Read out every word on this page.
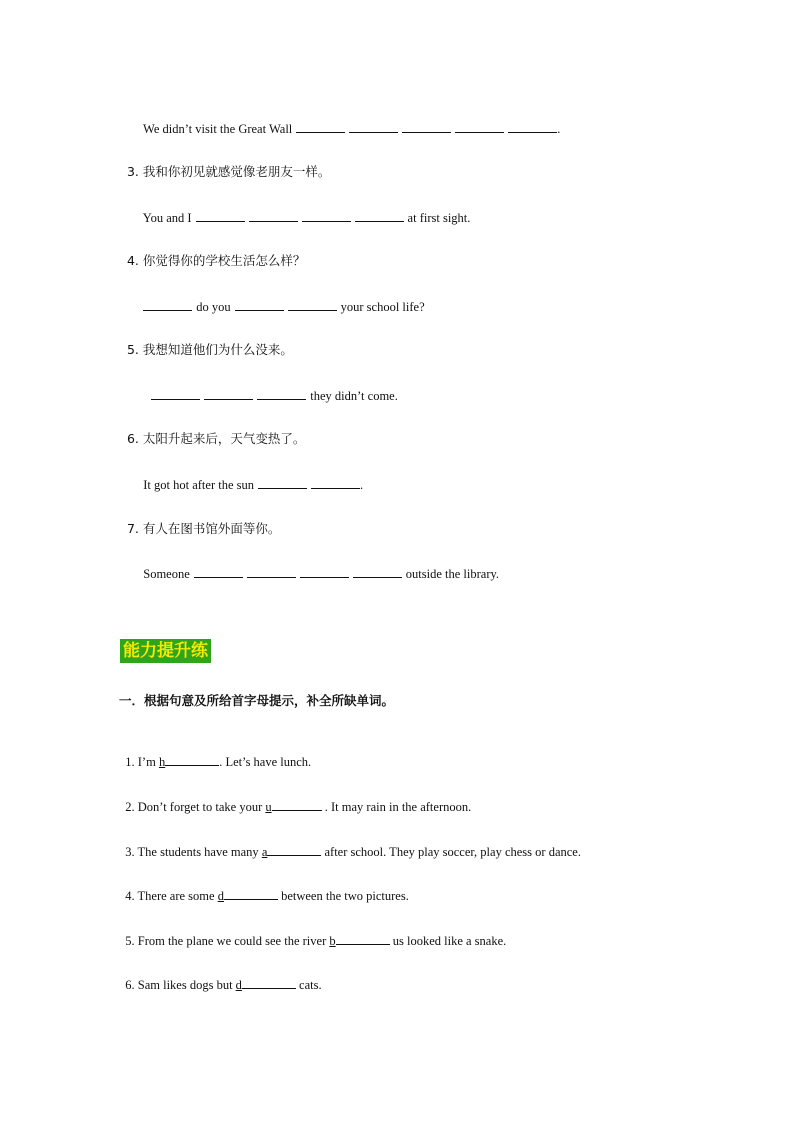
We didn’t visit the Great Wall	.

3. 我和你初见就感觉像老朋友一样。

You and I	at first sight.

4. 你觉得你的学校生活怎么样？

do you	your school life?

5. 我想知道他们为什么没来。

they didn’t come.

6. 太阳升起来后，天气变热了。

It got hot after the sun	.

7. 有人在图书馆外面等你。

Someone	outside the library.

能力提升练
一．根据句意及所给首字母提示，补全所缺单词。

1. I’m h	. Let’s have lunch.

2. Don’t forget to take your u	. It may rain in the afternoon.

3. The students have many a	after school. They play soccer, play chess or dance.

4. There are some d	between the two pictures.

5. From the plane we could see the river b	us looked like a snake.

6. Sam likes dogs but d	cats.
